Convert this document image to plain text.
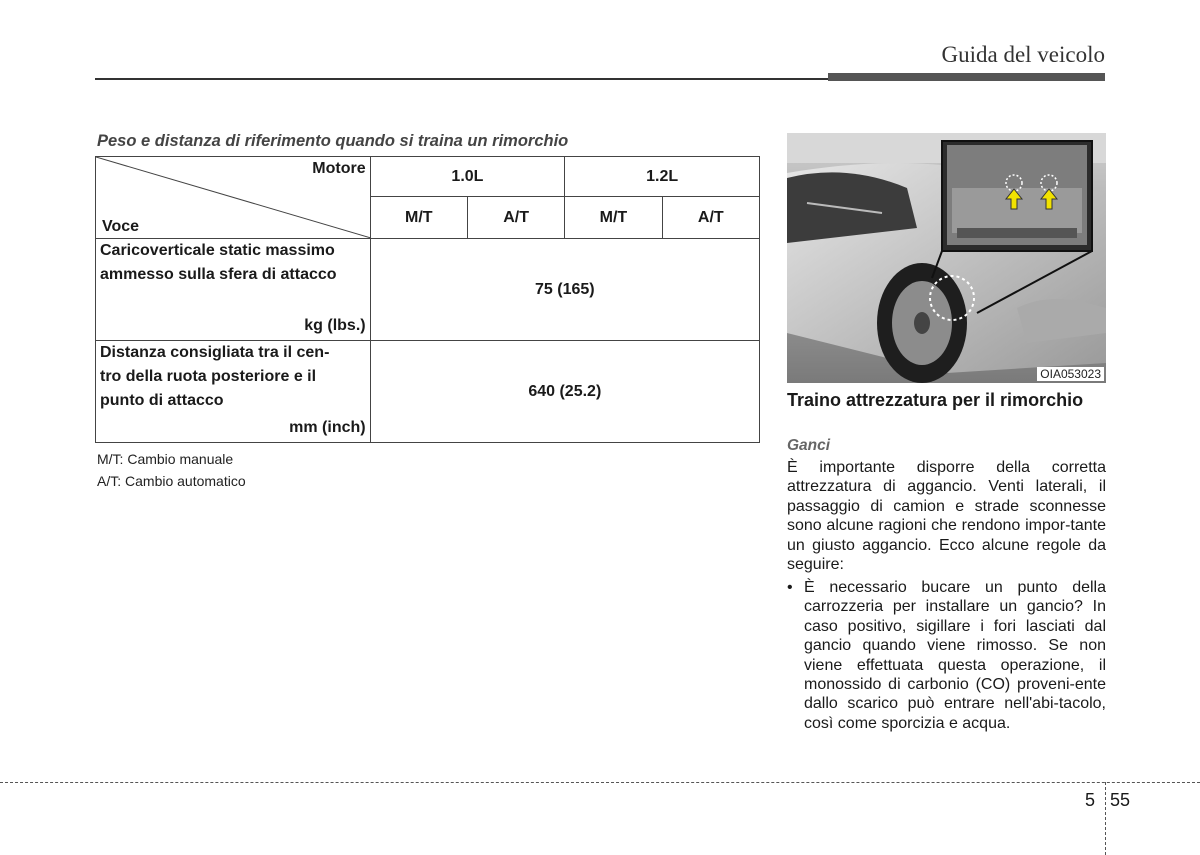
Guida del veicolo
Peso e distanza di riferimento quando si traina un rimorchio
Motore
Voce	1.0L		1.2L	
	M/T	A/T	M/T	A/T

Caricoverticale static massimo
ammesso sulla sfera di attacco
kg (lbs.)	75 (165)			

Distanza consigliata tra il cen-
tro della ruota posteriore e il
punto di attacco
mm (inch)	640 (25.2)			
M/T: Cambio manuale
A/T: Cambio automatico
OIA053023
Traino attrezzatura per il rimorchio
Ganci
È importante disporre della corretta attrezzatura di aggancio. Venti laterali, il passaggio di camion e strade sconnesse sono alcune ragioni che rendono impor-tante un giusto aggancio. Ecco alcune regole da seguire:
• È necessario bucare un punto della carrozzeria per installare un gancio? In caso positivo, sigillare i fori lasciati dal gancio quando viene rimosso. Se non viene effettuata questa operazione, il monossido di carbonio (CO) proveni-ente dallo scarico può entrare nell'abi-tacolo, così come sporcizia e acqua.
5 55
